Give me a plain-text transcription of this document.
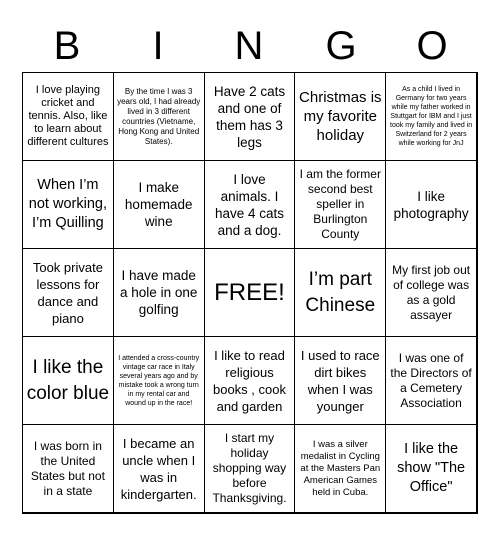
B	I	N	G	O
I love playing cricket and tennis. Also, like to learn about different cultures
By the time I was 3 years old, I had already lived in 3 different countries (Vietname, Hong Kong and United States).
Have 2 cats and one of them has 3 legs
Christmas is my favorite holiday
As a child I lived in Germany for two years while my father worked in Stuttgart for IBM and I just took my family and lived in Switzerland for 2 years while working for JnJ
When I’m not working, I’m Quilling
I make homemade wine
I love animals. I have 4 cats and a dog.
I am the former second best speller in Burlington County
I like photography
Took private lessons for dance and piano
I have made a hole in one golfing
FREE!	I’m part Chinese
My first job out of college was as a gold assayer
I like the color blue
I attended a cross-country vintage car race in Italy several years ago and by mistake took a wrong turn in my rental car and wound up in the race!
I like to read religious books , cook and garden
I used to race dirt bikes when I was younger
I was one of the Directors of a Cemetery Association
I was born in the United States but not in a state
I became an uncle when I was in kindergarten.
I start my holiday shopping way before Thanksgiving.
I was a silver medalist in Cycling at the Masters Pan American Games held in Cuba.
I like the show "The Office"
